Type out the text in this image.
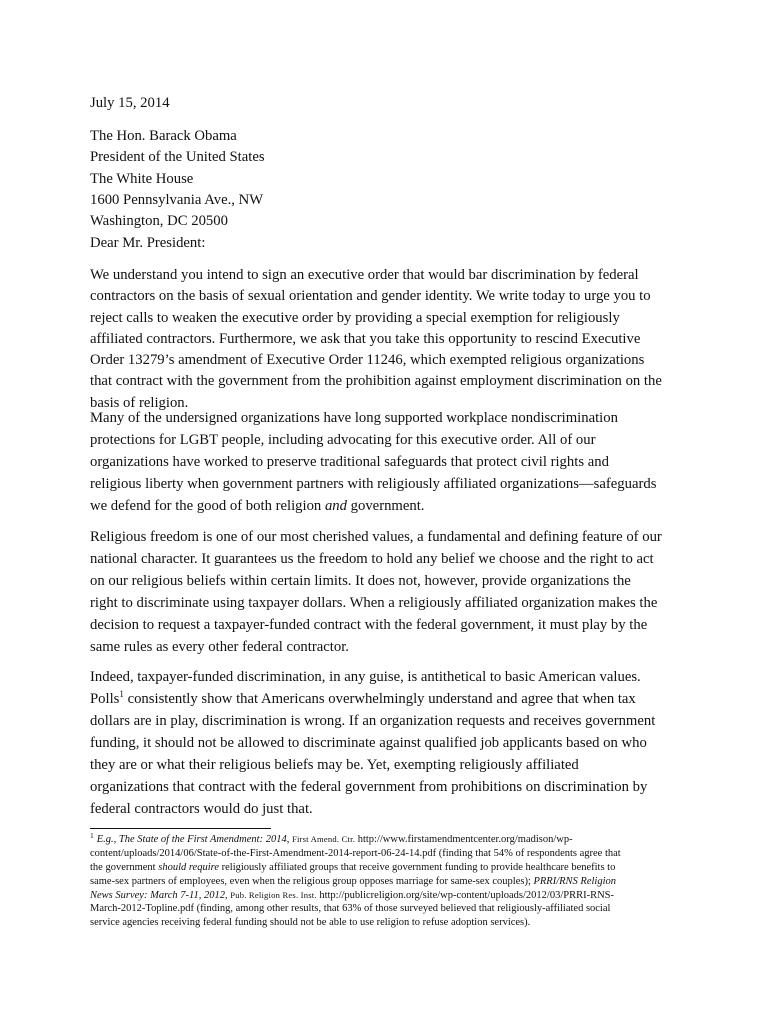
July 15, 2014
The Hon. Barack Obama
President of the United States
The White House
1600 Pennsylvania Ave., NW
Washington, DC 20500
Dear Mr. President:
We understand you intend to sign an executive order that would bar discrimination by federal
contractors on the basis of sexual orientation and gender identity. We write today to urge you to
reject calls to weaken the executive order by providing a special exemption for religiously
affiliated contractors. Furthermore, we ask that you take this opportunity to rescind Executive
Order 13279’s amendment of Executive Order 11246, which exempted religious organizations
that contract with the government from the prohibition against employment discrimination on the
basis of religion.
Many of the undersigned organizations have long supported workplace nondiscrimination
protections for LGBT people, including advocating for this executive order. All of our
organizations have worked to preserve traditional safeguards that protect civil rights and
religious liberty when government partners with religiously affiliated organizations—safeguards
we defend for the good of both religion and government.
Religious freedom is one of our most cherished values, a fundamental and defining feature of our
national character. It guarantees us the freedom to hold any belief we choose and the right to act
on our religious beliefs within certain limits. It does not, however, provide organizations the
right to discriminate using taxpayer dollars. When a religiously affiliated organization makes the
decision to request a taxpayer-funded contract with the federal government, it must play by the
same rules as every other federal contractor.
Indeed, taxpayer-funded discrimination, in any guise, is antithetical to basic American values.
Polls$^1$ consistently show that Americans overwhelmingly understand and agree that when tax
dollars are in play, discrimination is wrong. If an organization requests and receives government
funding, it should not be allowed to discriminate against qualified job applicants based on who
they are or what their religious beliefs may be. Yet, exempting religiously affiliated
organizations that contract with the federal government from prohibitions on discrimination by
federal contractors would do just that.
$^1$ E.g., The State of the First Amendment: 2014, First Amend. Ctr. http://www.firstamendmentcenter.org/madison/wp-
content/uploads/2014/06/State-of-the-First-Amendment-2014-report-06-24-14.pdf (finding that 54% of respondents agree that
the government should require religiously affiliated groups that receive government funding to provide healthcare benefits to
same-sex partners of employees, even when the religious group opposes marriage for same-sex couples); PRRI/RNS Religion
News Survey: March 7-11, 2012, Pub. Religion Res. Inst. http://publicreligion.org/site/wp-content/uploads/2012/03/PRRI-RNS-
March-2012-Topline.pdf (finding, among other results, that 63% of those surveyed believed that religiously-affiliated social
service agencies receiving federal funding should not be able to use religion to refuse adoption services).
